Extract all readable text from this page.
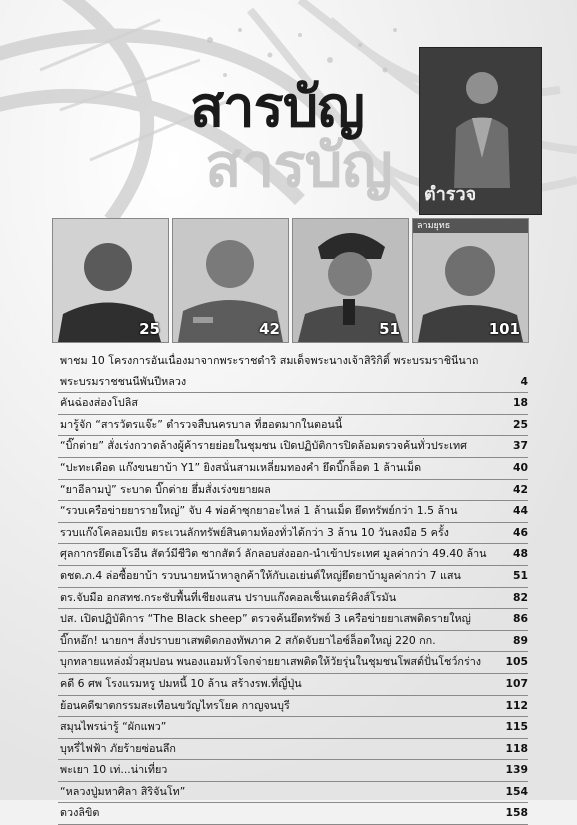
สารบัญ
สารบัญ
ตำรวจ
25	42	51
ลามยุทธ
101
พาชม 10 โครงการอันเนื่องมาจากพระราชดำริ สมเด็จพระนางเจ้าสิริกิติ์ พระบรมราชินีนาถ
พระบรมราชชนนีพันปีหลวง	4
คันฉ่องส่องโปลิส	18
มารู้จัก “สารวัตรแจ๊ะ” ตำรวจสืบนครบาล ที่ฮอตมากในตอนนี้	25
“บิ๊กต่าย” สั่งเร่งกวาดล้างผู้ค้ารายย่อยในชุมชน เปิดปฏิบัติการปิดล้อมตรวจค้นทั่วประเทศ	37
“ปะทะเดือด แก๊งขนยาบ้า Y1” ยิงสนั่นสามเหลี่ยมทองคำ ยึดบิ๊กล็อต 1 ล้านเม็ด	40
“ยาอีลามปู่” ระบาด บิ๊กต่าย ฮึ่มสั่งเร่งขยายผล	42
“รวบเครือข่ายยารายใหญ่” จับ 4 พ่อค้าซุกยาอะไหล่ 1 ล้านเม็ด ยึดทรัพย์กว่า 1.5 ล้าน	44
รวบแก๊งโคลอมเบีย ตระเวนลักทรัพย์สินตามห้องทั่วได้กว่า 3 ล้าน 10 วันลงมือ 5 ครั้ง	46
ศุลกากรยึดเฮโรอีน สัตว์มีชีวิต ซากสัตว์ ลักลอบส่งออก-นำเข้าประเทศ มูลค่ากว่า 49.40 ล้าน 48
ตชด.ภ.4 ล่อซื้อยาบ้า รวบนายหน้าหาลูกค้าให้กับเอเย่นต์ใหญ่ยึดยาบ้ามูลค่ากว่า 7 แสน	51
ตร.จับมือ อกสทช.กระชับพื้นที่เชียงแสน ปราบแก๊งคอลเซ็นเตอร์คิงส์โรมัน	82
ปส. เปิดปฏิบัติการ “The Black sheep” ตรวจค้นยึดทรัพย์ 3 เครือข่ายยาเสพติดรายใหญ่	86
บิ๊กหอ๊ก! นายกฯ สั่งปราบยาเสพติดกองทัพภาค 2 สกัดจับยาไอซ์ล็อตใหญ่ 220 กก.	89
บุกทลายแหล่งมั่วสุมปอน พนองแอมหัวโจกจ่ายยาเสพติดให้วัยรุ่นในชุมชนโพสต์ปั่นโชว์กร่าง 105
คดี 6 ศพ โรงแรมหรู ปมหนี้ 10 ล้าน สร้างรพ.ที่ญี่ปุ่น	107
ย้อนคดีฆาตกรรมสะเทือนขวัญไทรโยค กาญจนบุรี	112
สมุนไพรน่ารู้ “ผักแพว”	115
บุหรี่ไฟฟ้า ภัยร้ายซ่อนลึก	118
พะเยา 10 เท่...น่าเที่ยว	139
“หลวงปู่มหาศิลา สิริจันโท”	154
ดวงลิขิต	158
